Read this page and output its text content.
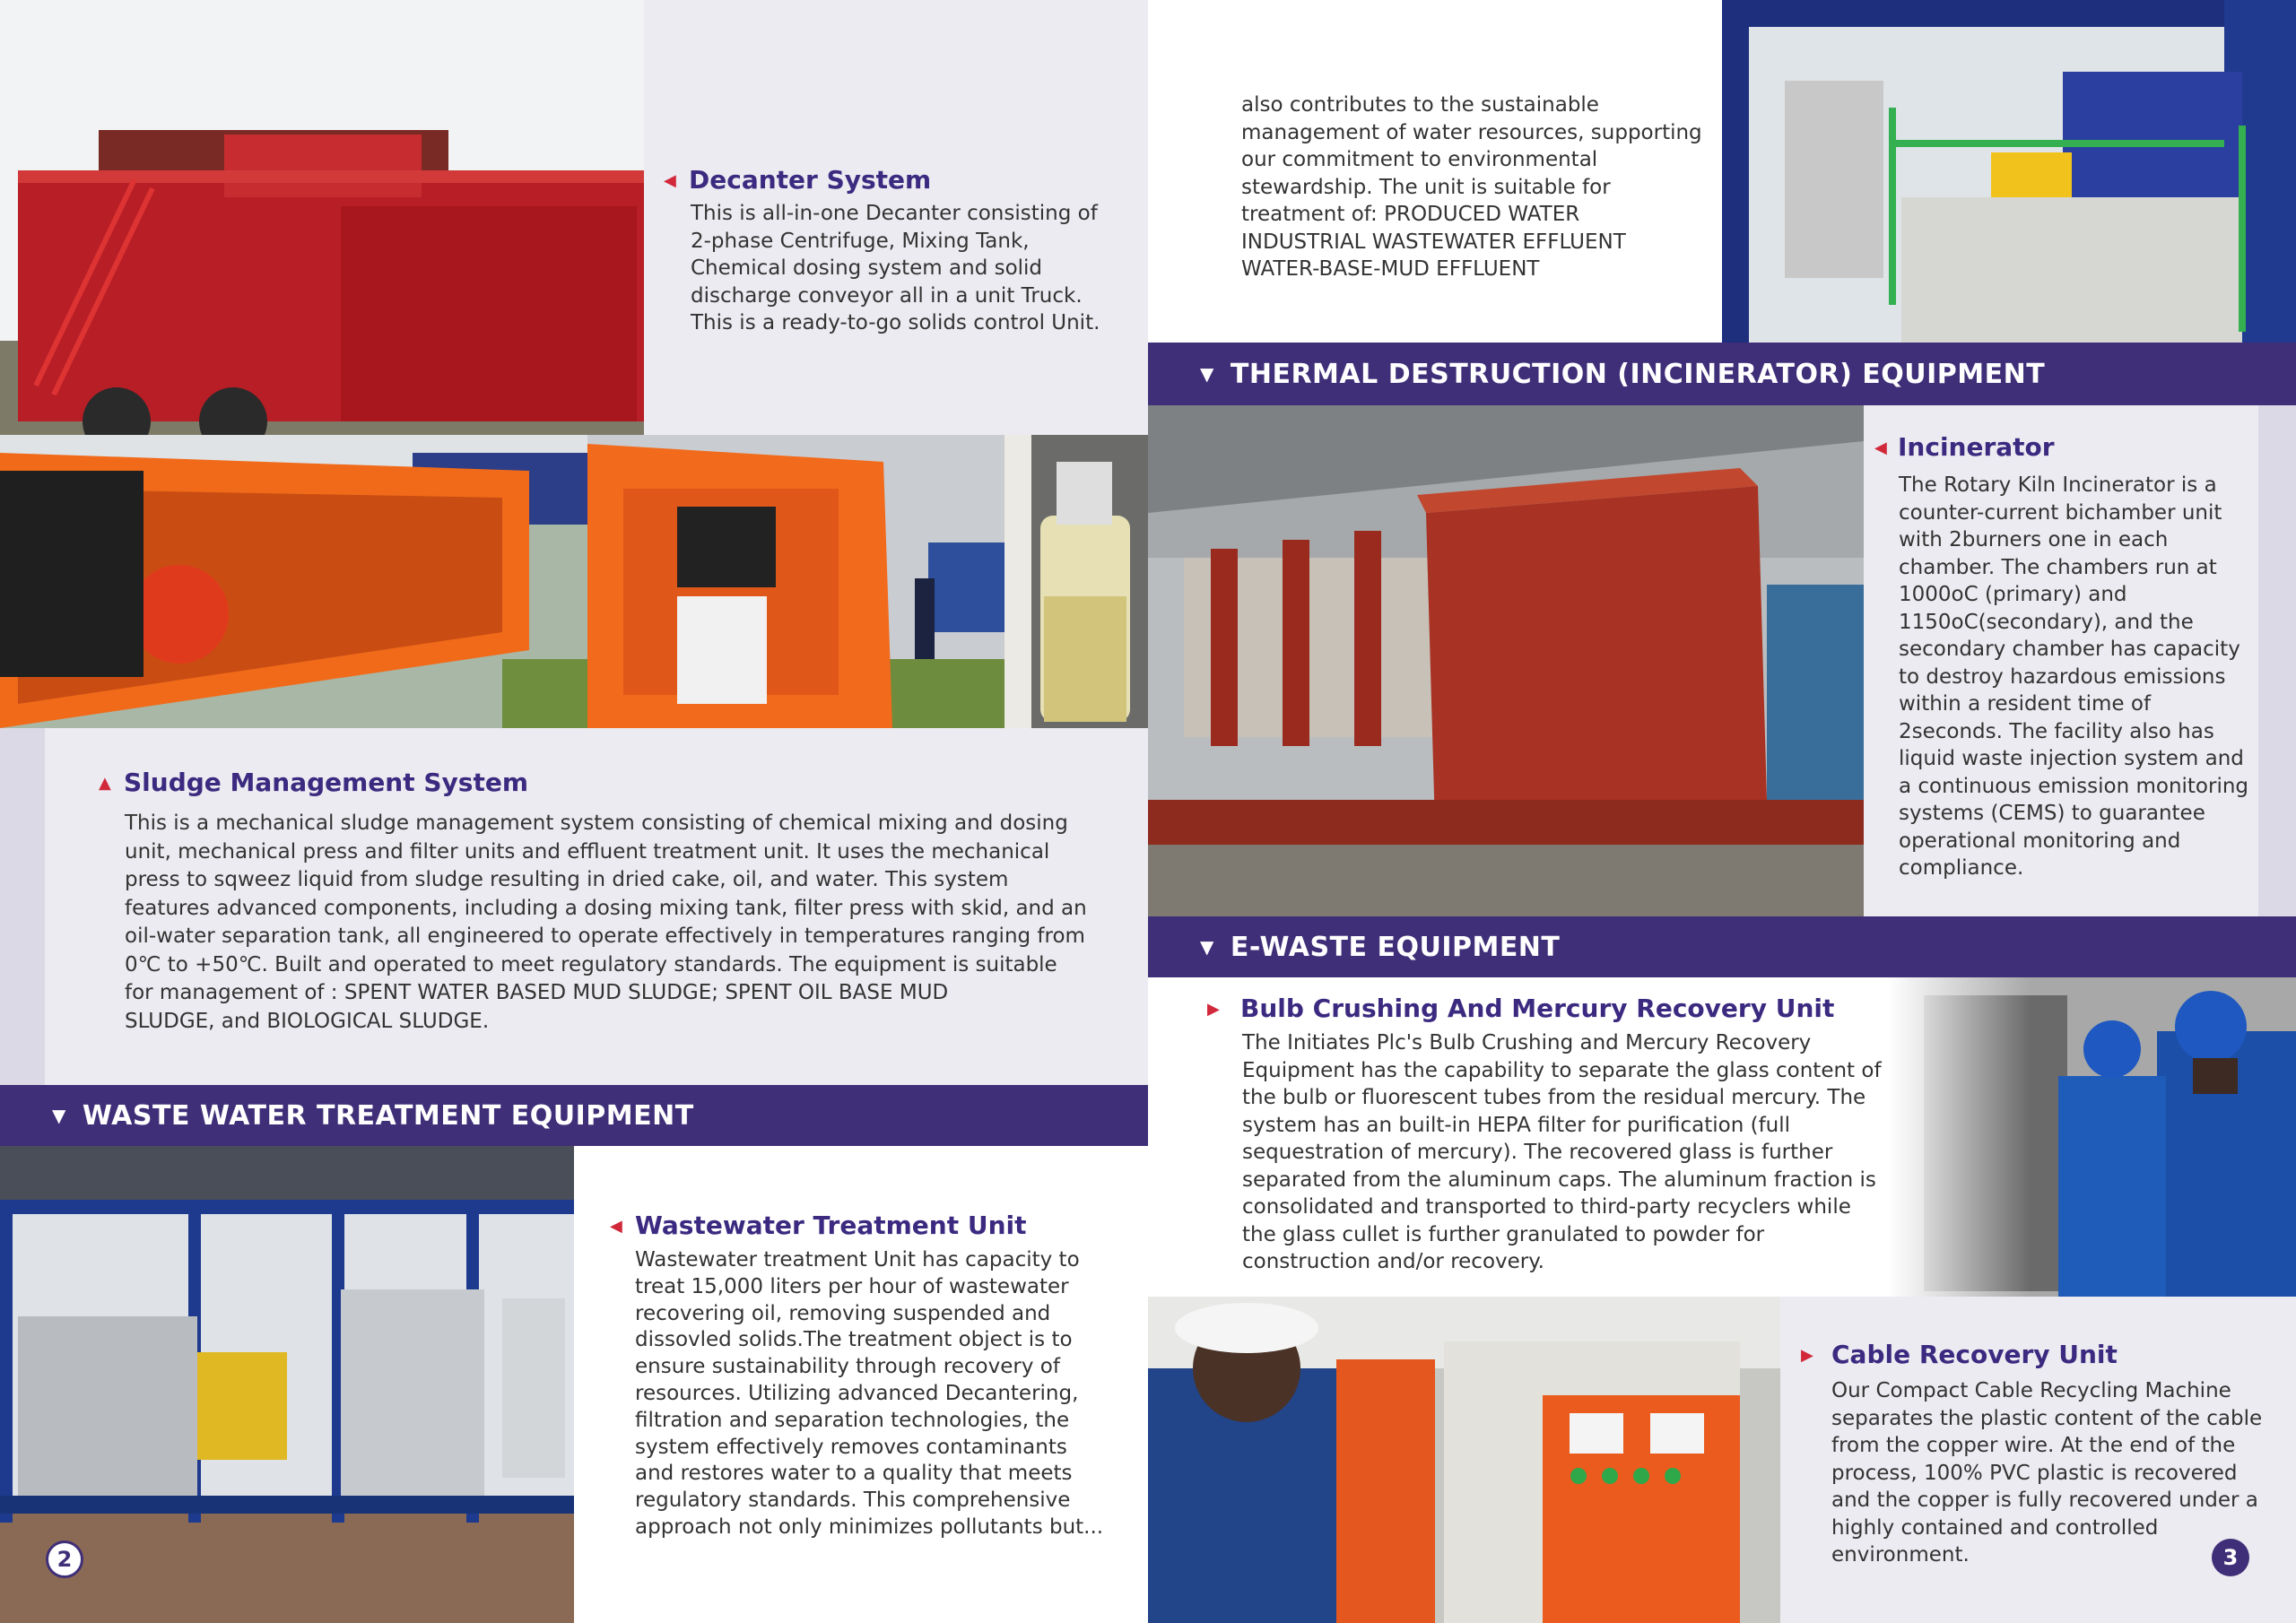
▼ WASTE WATER TREATMENT EQUIPMENT
▼ THERMAL DESTRUCTION (INCINERATOR) EQUIPMENT
▼ E-WASTE EQUIPMENT
◀ Decanter System
This is all-in-one Decanter consisting of
2-phase Centrifuge, Mixing Tank,
Chemical dosing system and solid
discharge conveyor all in a unit Truck.
This is a ready-to-go solids control Unit.
also contributes to the sustainable
management of water resources, supporting
our commitment to environmental
stewardship. The unit is suitable for
treatment of: PRODUCED WATER
INDUSTRIAL WASTEWATER EFFLUENT
WATER-BASE-MUD EFFLUENT
▲ Sludge Management System
This is a mechanical sludge management system consisting of chemical mixing and dosing
unit, mechanical press and filter units and effluent treatment unit. It uses the mechanical
press to sqweez liquid from sludge resulting in dried cake, oil, and water. This system
features advanced components, including a dosing mixing tank, filter press with skid, and an
oil-water separation tank, all engineered to operate effectively in temperatures ranging from
0℃ to +50℃. Built and operated to meet regulatory standards. The equipment is suitable
for management of : SPENT WATER BASED MUD SLUDGE; SPENT OIL BASE MUD
SLUDGE, and BIOLOGICAL SLUDGE.
◀ Wastewater Treatment Unit
Wastewater treatment Unit has capacity to
treat 15,000 liters per hour of wastewater
recovering oil, removing suspended and
dissovled solids.The treatment object is to
ensure sustainability through recovery of
resources. Utilizing advanced Decantering,
filtration and separation technologies, the
system effectively removes contaminants
and restores water to a quality that meets
regulatory standards. This comprehensive
approach not only minimizes pollutants but...
◀ Incinerator
The Rotary Kiln Incinerator is a
counter-current bichamber unit
with 2burners one in each
chamber. The chambers run at
1000oC (primary) and
1150oC(secondary), and the
secondary chamber has capacity
to destroy hazardous emissions
within a resident time of
2seconds. The facility also has
liquid waste injection system and
a continuous emission monitoring
systems (CEMS) to guarantee
operational monitoring and
compliance.
▶ Bulb Crushing And Mercury Recovery Unit
The Initiates Plc's Bulb Crushing and Mercury Recovery
Equipment has the capability to separate the glass content of
the bulb or fluorescent tubes from the residual mercury. The
system has an built-in HEPA filter for purification (full
sequestration of mercury). The recovered glass is further
separated from the aluminum caps. The aluminum fraction is
consolidated and transported to third-party recyclers while
the glass cullet is further granulated to powder for
construction and/or recovery.
▶ Cable Recovery Unit
Our Compact Cable Recycling Machine
separates the plastic content of the cable
from the copper wire. At the end of the
process, 100% PVC plastic is recovered
and the copper is fully recovered under a
highly contained and controlled
environment.
2	3
